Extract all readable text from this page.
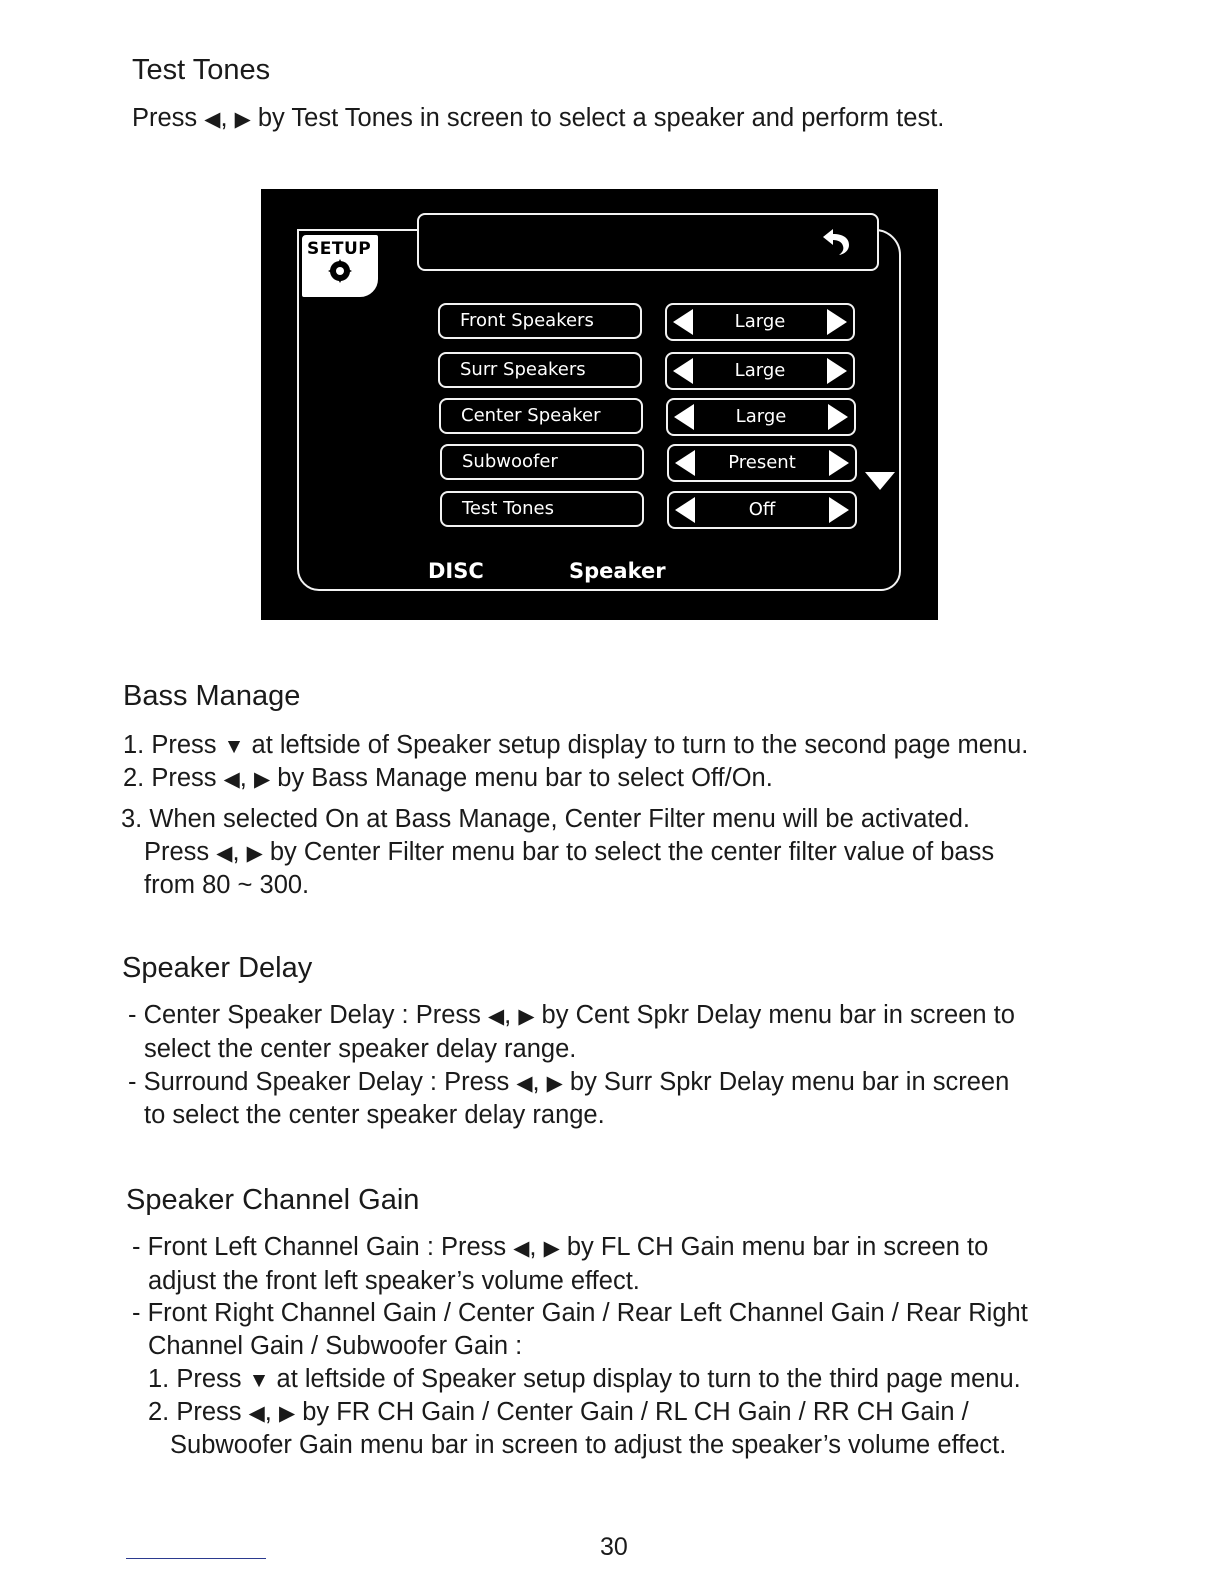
Test Tones

Press ◀, ▶ by Test Tones in screen to select a speaker and perform test.

SETUP
Front Speakers	Large
Surr Speakers	Large
Center Speaker	Large
Subwoofer	Present
Test Tones	Off
DISC	Speaker
Bass Manage

1. Press ▼ at leftside of Speaker setup display to turn to the second page menu.

2. Press ◀, ▶ by Bass Manage menu bar to select Off/On.

3. When selected On at Bass Manage, Center Filter menu will be activated.

Press ◀, ▶ by Center Filter menu bar to select the center filter value of bass

from 80 ~ 300.

Speaker Delay

- Center Speaker Delay : Press ◀, ▶ by Cent Spkr Delay menu bar in screen to

select the center speaker delay range.

- Surround Speaker Delay : Press ◀, ▶ by Surr Spkr Delay menu bar in screen

to select the center speaker delay range.

Speaker Channel Gain

- Front Left Channel Gain : Press ◀, ▶ by FL CH Gain menu bar in screen to

adjust the front left speaker’s volume effect.

- Front Right Channel Gain / Center Gain / Rear Left Channel Gain / Rear Right

Channel Gain / Subwoofer Gain :

1. Press ▼ at leftside of Speaker setup display to turn to the third page menu.

2. Press ◀, ▶ by FR CH Gain / Center Gain / RL CH Gain / RR CH Gain /

Subwoofer Gain menu bar in screen to adjust the speaker’s volume effect.

30
